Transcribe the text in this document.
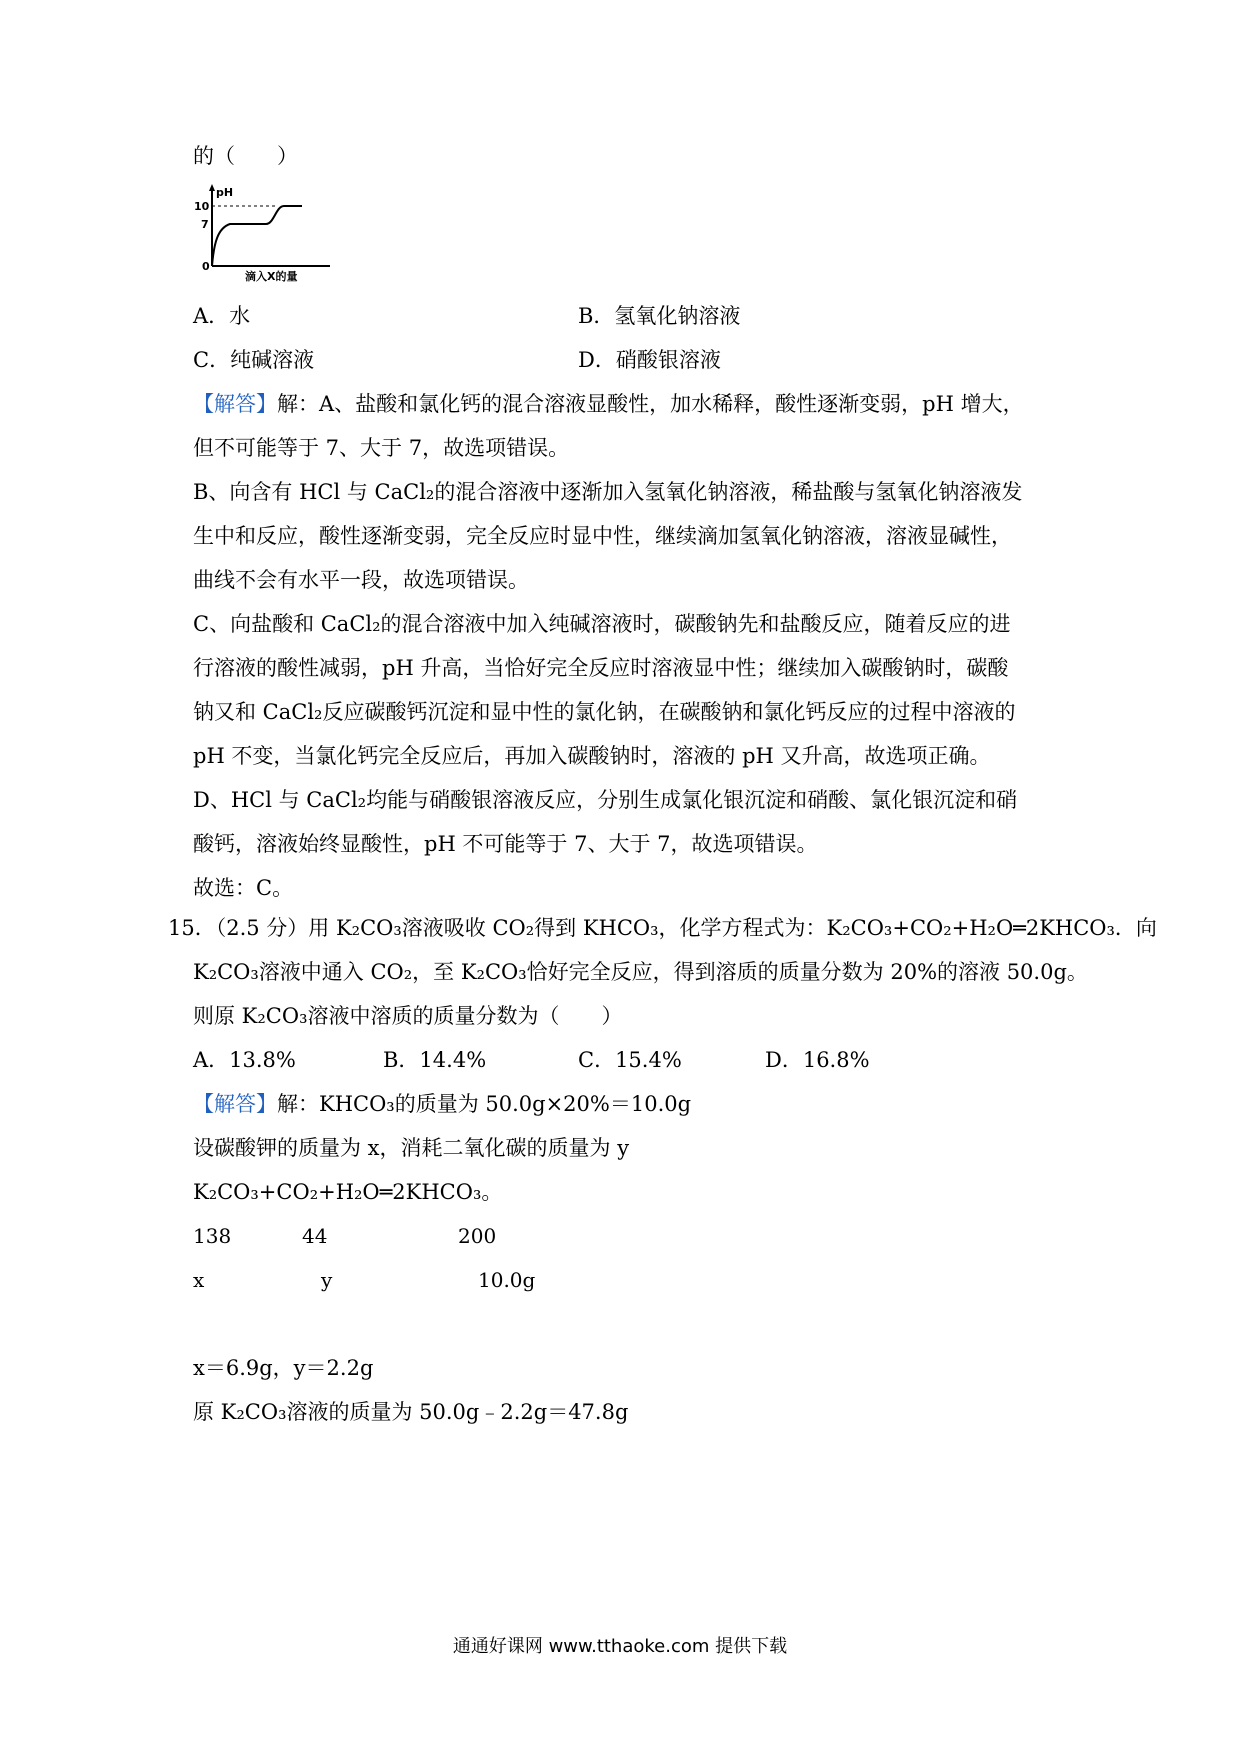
的（　　）
pH
10
7
0
滴入X的量
A．水	B．氢氧化钠溶液
C．纯碱溶液	D．硝酸银溶液
【解答】解：A、盐酸和氯化钙的混合溶液显酸性，加水稀释，酸性逐渐变弱，pH 增大，
但不可能等于 7、大于 7，故选项错误。
B、向含有 HCl 与 CaCl₂的混合溶液中逐渐加入氢氧化钠溶液，稀盐酸与氢氧化钠溶液发
生中和反应，酸性逐渐变弱，完全反应时显中性，继续滴加氢氧化钠溶液，溶液显碱性，
曲线不会有水平一段，故选项错误。
C、向盐酸和 CaCl₂的混合溶液中加入纯碱溶液时，碳酸钠先和盐酸反应，随着反应的进
行溶液的酸性减弱，pH 升高，当恰好完全反应时溶液显中性；继续加入碳酸钠时，碳酸
钠又和 CaCl₂反应碳酸钙沉淀和显中性的氯化钠，在碳酸钠和氯化钙反应的过程中溶液的
pH 不变，当氯化钙完全反应后，再加入碳酸钠时，溶液的 pH 又升高，故选项正确。
D、HCl 与 CaCl₂均能与硝酸银溶液反应，分别生成氯化银沉淀和硝酸、氯化银沉淀和硝
酸钙，溶液始终显酸性，pH 不可能等于 7、大于 7，故选项错误。
故选：C。
15．（2.5 分）用 K₂CO₃溶液吸收 CO₂得到 KHCO₃，化学方程式为：K₂CO₃+CO₂+H₂O═2KHCO₃．向
K₂CO₃溶液中通入 CO₂，至 K₂CO₃恰好完全反应，得到溶质的质量分数为 20%的溶液 50.0g。
则原 K₂CO₃溶液中溶质的质量分数为（　　）
A．13.8%	B．14.4%	C．15.4%	D．16.8%
【解答】解：KHCO₃的质量为 50.0g×20%＝10.0g
设碳酸钾的质量为 x，消耗二氧化碳的质量为 y
K₂CO₃+CO₂+H₂O═2KHCO₃。
138	44	200
x	y	10.0g
x＝6.9g，y＝2.2g
原 K₂CO₃溶液的质量为 50.0g﹣2.2g＝47.8g
通通好课网 www.tthaoke.com 提供下载
